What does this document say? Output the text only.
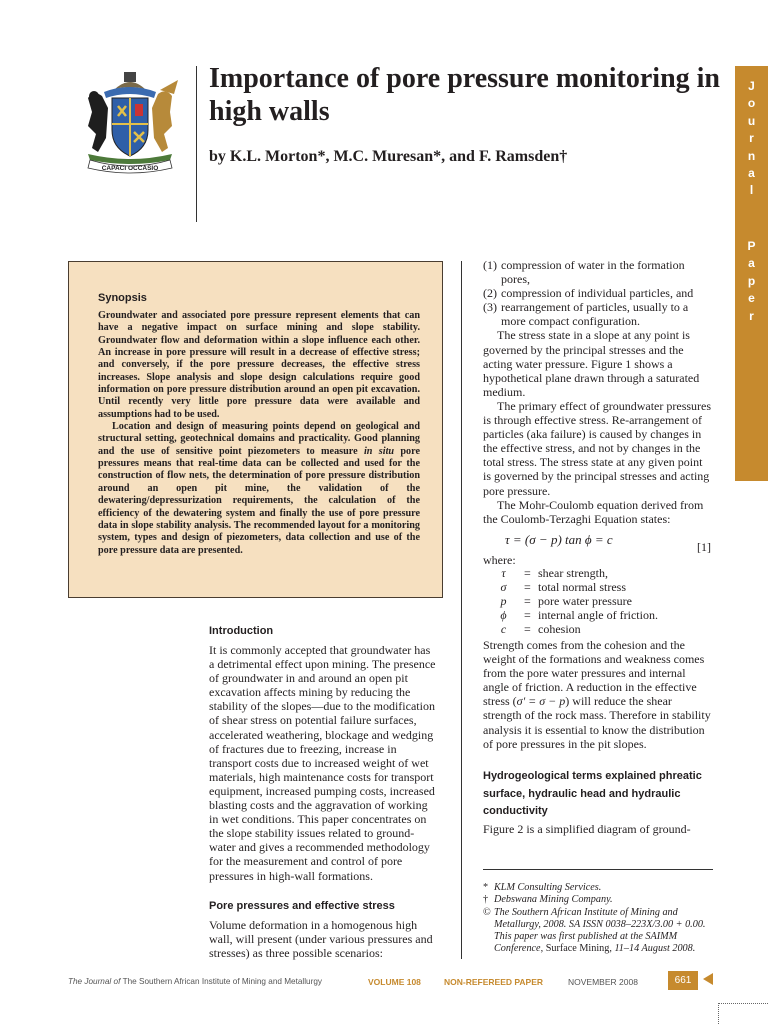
CAPACI OCCASIO
Importance of pore pressure monitoring in high walls
by K.L. Morton*, M.C. Muresan*, and F. Ramsden†
J
o
u
r
n
a
l
P
a
p
e
r
Synopsis

Groundwater and associated pore pressure represent elements that can have a negative impact on surface mining and slope stability. Groundwater flow and deformation within a slope influence each other. An increase in pore pressure will result in a decrease of effective stress; and conversely, if the pore pressure decreases, the effective stress increases. Slope analysis and slope design calculations require good information on pore pressure distribution around an open pit excavation. Until recently very little pore pressure data were available and assumptions had to be used.

Location and design of measuring points depend on geological and structural setting, geotechnical domains and practicality. Good planning and the use of sensitive point piezometers to measure in situ pore pressures means that real-time data can be collected and used for the construction of flow nets, the determination of pore pressure distribution around an open pit mine, the validation of the dewatering/depressurization requirements, the calculation of the efficiency of the dewatering system and finally the use of pore pressure data in slope stability analysis. The recommended layout for a monitoring system, types and design of piezometers, data collection and use of the pore pressure data are presented.

Introduction

It is commonly accepted that groundwater has a detrimental effect upon mining. The presence of groundwater in and around an open pit excavation affects mining by reducing the stability of the slopes—due to the modification of shear stress on potential failure surfaces, accelerated weathering, blockage and wedging of fractures due to freezing, increase in transport costs due to increased weight of wet materials, high maintenance costs for transport equipment, increased pumping costs, increased blasting costs and the aggravation of working in wet conditions. This paper concentrates on the slope stability issues related to ground-water and gives a recommended methodology for the measurement and control of pore pressures in high-wall formations.

Pore pressures and effective stress

Volume deformation in a homogenous high wall, will present (under various pressures and stresses) as three possible scenarios:

(1) compression of water in the formation
pores,
(2) compression of individual particles, and
(3) rearrangement of particles, usually to a
more compact configuration.

The stress state in a slope at any point is governed by the principal stresses and the acting water pressure. Figure 1 shows a hypothetical plane drawn through a saturated medium.

The primary effect of groundwater pressures is through effective stress. Re-arrangement of particles (aka failure) is caused by changes in the effective stress, and not by changes in the total stress. The stress state at any given point is governed by the principal stresses and acting pore pressure.

The Mohr-Coulomb equation derived from the Coulomb-Terzaghi Equation states:

τ = (σ − p) tan ϕ = c	[1]
where:
τ	= shear strength,
σ	= total normal stress
p	= pore water pressure
ϕ	= internal angle of friction.
c	= cohesion

Strength comes from the cohesion and the weight of the formations and weakness comes from the pore water pressures and internal angle of friction. A reduction in the effective stress (σ' = σ − p) will reduce the shear strength of the rock mass. Therefore in stability analysis it is essential to know the distribution of pore pressures in the pit slopes.

Hydrogeological terms explained phreatic surface, hydraulic head and hydraulic conductivity
Figure 2 is a simplified diagram of ground-
* KLM Consulting Services.
† Debswana Mining Company.
© The Southern African Institute of Mining and Metallurgy, 2008. SA ISSN 0038–223X/3.00 + 0.00. This paper was first published at the SAIMM Conference, Surface Mining, 11–14 August 2008.
The Journal of The Southern African Institute of Mining and Metallurgy	VOLUME 108	NON-REFEREED PAPER	NOVEMBER 2008	661
